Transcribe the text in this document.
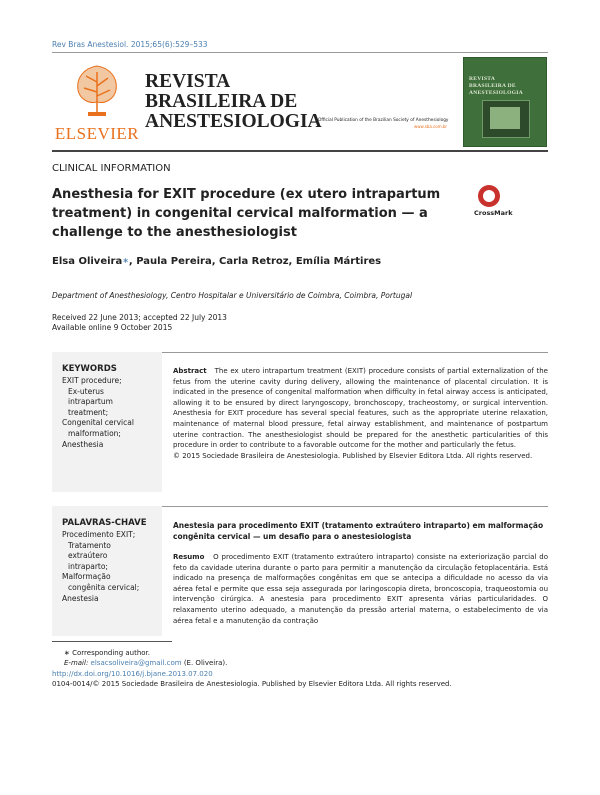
Rev Bras Anestesiol. 2015;65(6):529–533
ELSEVIER
REVISTA
BRASILEIRA DE
ANESTESIOLOGIA
Official Publication of the Brazilian Society of Anesthesiology
www.sba.com.br
REVISTA
BRASILEIRA DE
ANESTESIOLOGIA
CLINICAL INFORMATION
Anesthesia for EXIT procedure (ex utero intrapartum
treatment) in congenital cervical malformation — a
challenge to the anesthesiologist
CrossMark
Elsa Oliveira∗, Paula Pereira, Carla Retroz, Emília Mártires
Department of Anesthesiology, Centro Hospitalar e Universitário de Coimbra, Coimbra, Portugal
Received 22 June 2013; accepted 22 July 2013
Available online 9 October 2015
KEYWORDS
EXIT procedure;
Ex-uterus
intrapartum
treatment;
Congenital cervical
malformation;
Anesthesia
Abstract The ex utero intrapartum treatment (EXIT) procedure consists of partial externalization of the fetus from the uterine cavity during delivery, allowing the maintenance of placental circulation. It is indicated in the presence of congenital malformation when difficulty in fetal airway access is anticipated, allowing it to be ensured by direct laryngoscopy, bronchoscopy, tracheostomy, or surgical intervention. Anesthesia for EXIT procedure has several special features, such as the appropriate uterine relaxation, maintenance of maternal blood pressure, fetal airway establishment, and maintenance of postpartum uterine contraction. The anesthesiologist should be prepared for the anesthetic particularities of this procedure in order to contribute to a favorable outcome for the mother and particularly the fetus.
© 2015 Sociedade Brasileira de Anestesiologia. Published by Elsevier Editora Ltda. All rights reserved.
PALAVRAS-CHAVE
Procedimento EXIT;
Tratamento
extraútero
intraparto;
Malformação
congênita cervical;
Anestesia
Anestesia para procedimento EXIT (tratamento extraútero intraparto) em malformação congênita cervical — um desafio para o anestesiologista
Resumo O procedimento EXIT (tratamento extraútero intraparto) consiste na exteriorização parcial do feto da cavidade uterina durante o parto para permitir a manutenção da circulação fetoplacentária. Está indicado na presença de malformações congênitas em que se antecipa a dificuldade no acesso da via aérea fetal e permite que essa seja assegurada por laringoscopia direta, broncoscopia, traqueostomia ou intervenção cirúrgica. A anestesia para procedimento EXIT apresenta várias particularidades. O relaxamento uterino adequado, a manutenção da pressão arterial materna, o estabelecimento de via aérea fetal e a manutenção da contração
∗ Corresponding author.
E-mail: elsacsoliveira@gmail.com (E. Oliveira).
http://dx.doi.org/10.1016/j.bjane.2013.07.020
0104-0014/© 2015 Sociedade Brasileira de Anestesiologia. Published by Elsevier Editora Ltda. All rights reserved.
